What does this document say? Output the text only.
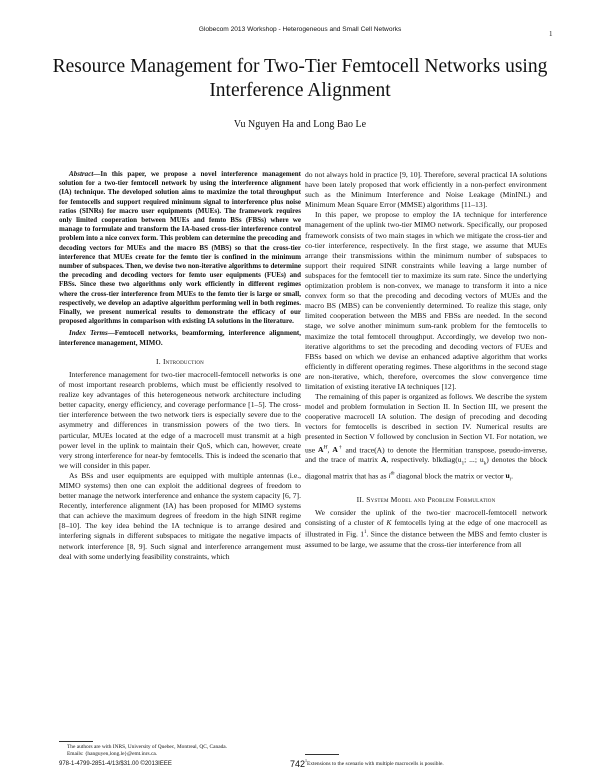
Globecom 2013 Workshop - Heterogeneous and Small Cell Networks
1
Resource Management for Two-Tier Femtocell Networks using Interference Alignment
Vu Nguyen Ha and Long Bao Le

Abstract—In this paper, we propose a novel interference management solution for a two-tier femtocell network by using the interference alignment (IA) technique. The developed solution aims to maximize the total throughput for femtocells and support required minimum signal to interference plus noise ratios (SINRs) for macro user equipments (MUEs). The framework requires only limited cooperation between MUEs and femto BSs (FBSs) where we manage to formulate and transform the IA-based cross-tier interference control problem into a nice convex form. This problem can determine the precoding and decoding vectors for MUEs and the macro BS (MBS) so that the cross-tier interference that MUEs create for the femto tier is confined in the minimum number of subspaces. Then, we devise two non-iterative algorithms to determine the precoding and decoding vectors for femto user equipments (FUEs) and FBSs. Since these two algorithms only work efficiently in different regimes where the cross-tier interference from MUEs to the femto tier is large or small, respectively, we develop an adaptive algorithm performing well in both regimes. Finally, we present numerical results to demonstrate the efficacy of our proposed algorithms in comparison with existing IA solutions in the literature.

Index Terms—Femtocell networks, beamforming, interference alignment, interference management, MIMO.

I. Introduction

Interference management for two-tier macrocell-femtocell networks is one of most important research problems, which must be efficiently resolved to realize key advantages of this heterogeneous network architecture including better capacity, energy efficiency, and coverage performance [1–5]. The cross-tier interference between the two network tiers is especially severe due to the asymmetry and differences in transmission powers of the two tiers. In particular, MUEs located at the edge of a macrocell must transmit at a high power level in the uplink to maintain their QoS, which can, however, create very strong interference for near-by femtocells. This is indeed the scenario that we will consider in this paper.

As BSs and user equipments are equipped with multiple antennas (i.e., MIMO systems) then one can exploit the additional degrees of freedom to better manage the network interference and enhance the system capacity [6, 7]. Recently, interference alignment (IA) has been proposed for MIMO systems that can achieve the maximum degrees of freedom in the high SINR regime [8–10]. The key idea behind the IA technique is to arrange desired and interfering signals in different subspaces to mitigate the negative impacts of network interference [8, 9]. Such signal and interference arrangement must deal with some underlying feasibility constraints, which

do not always hold in practice [9, 10]. Therefore, several practical IA solutions have been lately proposed that work efficiently in a non-perfect environment such as the Minimum Interference and Noise Leakage (MinINL) and Minimum Mean Square Error (MMSE) algorithms [11–13].

In this paper, we propose to employ the IA technique for interference management of the uplink two-tier MIMO network. Specifically, our proposed framework consists of two main stages in which we mitigate the cross-tier and co-tier interference, respectively. In the first stage, we assume that MUEs arrange their transmissions within the minimum number of subspaces to support their required SINR constraints while leaving a large number of subspaces for the femtocell tier to maximize its sum rate. Since the underlying optimization problem is non-convex, we manage to transform it into a nice convex form so that the precoding and decoding vectors of MUEs and the macro BS (MBS) can be conveniently determined. To realize this stage, only limited cooperation between the MBS and FBSs are needed. In the second stage, we solve another minimum sum-rank problem for the femtocells to maximize the total femtocell throughput. Accordingly, we develop two non-iterative algorithms to set the precoding and decoding vectors of FUEs and FBSs based on which we devise an enhanced adaptive algorithm that works efficiently in different operating regimes. These algorithms in the second stage are non-iterative, which, therefore, overcomes the slow convergence time limitation of existing iterative IA techniques [12].

The remaining of this paper is organized as follows. We describe the system model and problem formulation in Section II. In Section III, we present the cooperative macrocell IA solution. The design of precoding and decoding vectors for femtocells is described in section IV. Numerical results are presented in Section V followed by conclusion in Section VI. For notation, we use $A^H$, A† and trace(A) to denote the Hermitian transpose, pseudo-inverse, and the trace of matrix A, respectively. $blkdiag(u_1$; ...; $u_k$) denotes the block diagonal matrix that has as $i^{th}$ diagonal block the matrix or vector $u_i$.

II. System Model and Problem Formulation

We consider the uplink of the two-tier macrocell-femtocell network consisting of a cluster of K femtocells lying at the edge of one macrocell as illustrated in Fig. $1^1$. Since the distance between the MBS and femto cluster is assumed to be large, we assume that the cross-tier interference from all

The authors are with INRS, University of Quebec, Montreal, QC, Canada.
Emails: {hanguyen,long.le}@emt.inrs.ca.
$^1$Extensions to the scenario with multiple macrocells is possible.
978-1-4799-2851-4/13/$31.00 ©2013IEEE	742
